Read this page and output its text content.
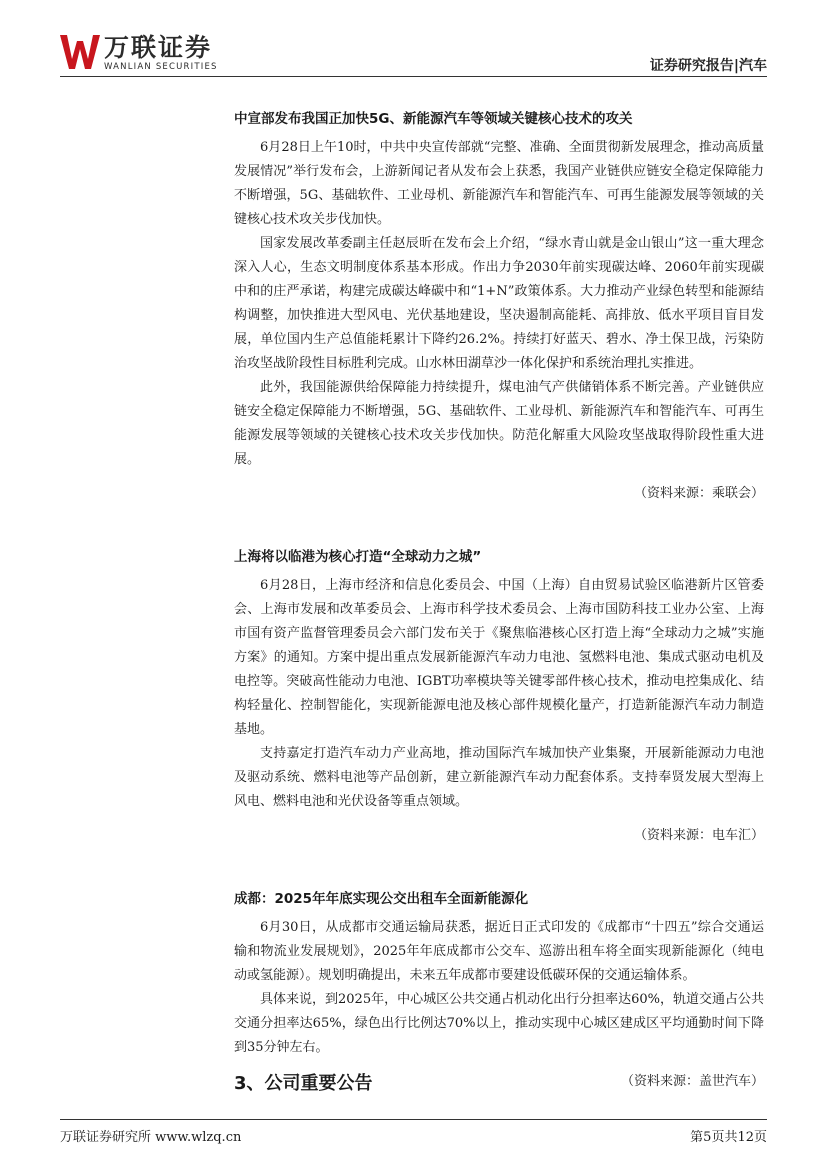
万联证券
WANLIAN SECURITIES	证券研究报告|汽车
中宣部发布我国正加快5G、新能源汽车等领域关键核心技术的攻关

6月28日上午10时，中共中央宣传部就“完整、准确、全面贯彻新发展理念，推动高质量发展情况”举行发布会，上游新闻记者从发布会上获悉，我国产业链供应链安全稳定保障能力不断增强，5G、基础软件、工业母机、新能源汽车和智能汽车、可再生能源发展等领域的关键核心技术攻关步伐加快。

国家发展改革委副主任赵辰昕在发布会上介绍，“绿水青山就是金山银山”这一重大理念深入人心，生态文明制度体系基本形成。作出力争2030年前实现碳达峰、2060年前实现碳中和的庄严承诺，构建完成碳达峰碳中和“1+N”政策体系。大力推动产业绿色转型和能源结构调整，加快推进大型风电、光伏基地建设，坚决遏制高能耗、高排放、低水平项目盲目发展，单位国内生产总值能耗累计下降约26.2%。持续打好蓝天、碧水、净土保卫战，污染防治攻坚战阶段性目标胜利完成。山水林田湖草沙一体化保护和系统治理扎实推进。

此外，我国能源供给保障能力持续提升，煤电油气产供储销体系不断完善。产业链供应链安全稳定保障能力不断增强，5G、基础软件、工业母机、新能源汽车和智能汽车、可再生能源发展等领域的关键核心技术攻关步伐加快。防范化解重大风险攻坚战取得阶段性重大进展。

（资料来源：乘联会）

上海将以临港为核心打造“全球动力之城”

6月28日，上海市经济和信息化委员会、中国（上海）自由贸易试验区临港新片区管委会、上海市发展和改革委员会、上海市科学技术委员会、上海市国防科技工业办公室、上海市国有资产监督管理委员会六部门发布关于《聚焦临港核心区打造上海“全球动力之城”实施方案》的通知。方案中提出重点发展新能源汽车动力电池、氢燃料电池、集成式驱动电机及电控等。突破高性能动力电池、IGBT功率模块等关键零部件核心技术，推动电控集成化、结构轻量化、控制智能化，实现新能源电池及核心部件规模化量产，打造新能源汽车动力制造基地。

支持嘉定打造汽车动力产业高地，推动国际汽车城加快产业集聚，开展新能源动力电池及驱动系统、燃料电池等产品创新，建立新能源汽车动力配套体系。支持奉贤发展大型海上风电、燃料电池和光伏设备等重点领域。

（资料来源：电车汇）

成都：2025年年底实现公交出租车全面新能源化

6月30日，从成都市交通运输局获悉，据近日正式印发的《成都市“十四五”综合交通运输和物流业发展规划》，2025年年底成都市公交车、巡游出租车将全面实现新能源化（纯电动或氢能源）。规划明确提出，未来五年成都市要建设低碳环保的交通运输体系。

具体来说，到2025年，中心城区公共交通占机动化出行分担率达60%，轨道交通占公共交通分担率达65%，绿色出行比例达70%以上，推动实现中心城区建成区平均通勤时间下降到35分钟左右。

（资料来源：盖世汽车）

3、公司重要公告
万联证券研究所 www.wlzq.cn	第5页共12页
